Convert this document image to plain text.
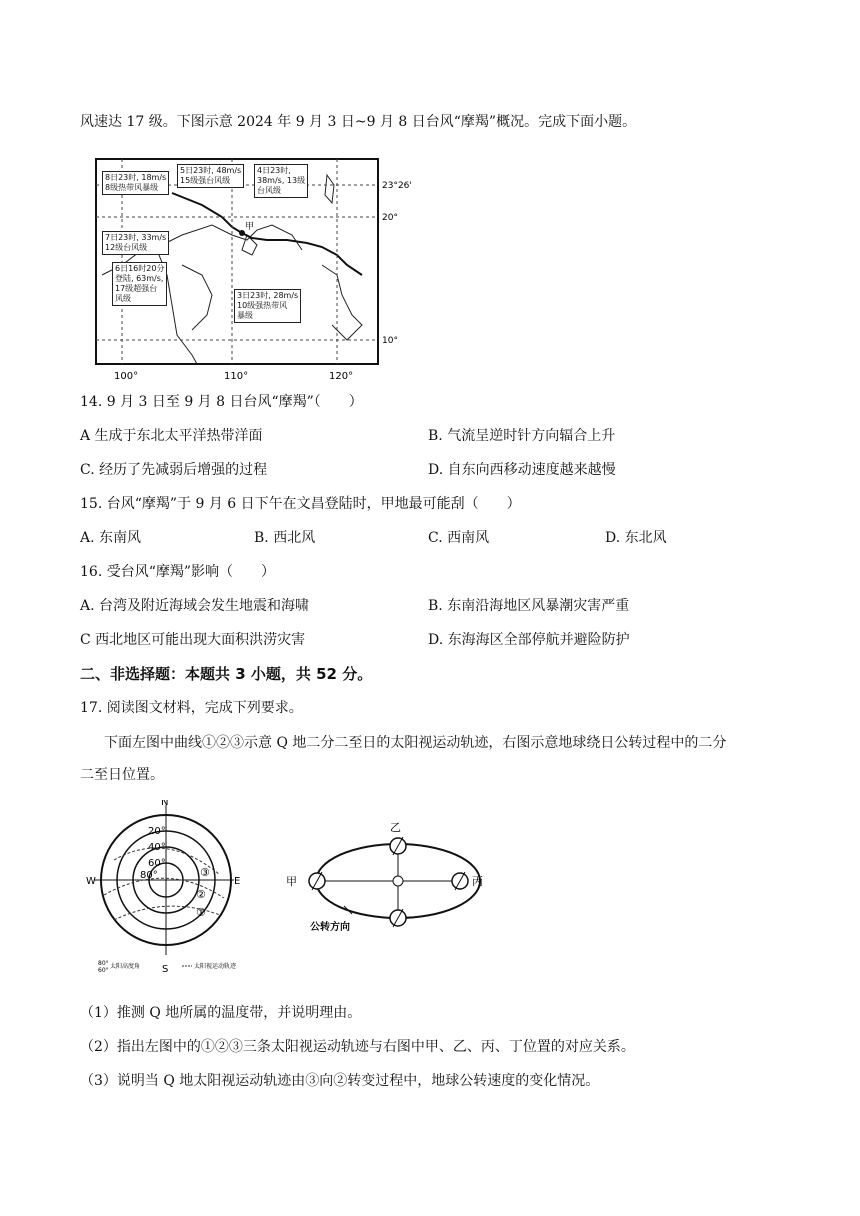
风速达 17 级。下图示意 2024 年 9 月 3 日~9 月 8 日台风“摩羯”概况。完成下面小题。
23°26'
20°
10°
100°	110°	120°
甲
8日23时, 18m/s
8级热带风暴级
5日23时, 48m/s
15级强台风级
4日23时,
38m/s, 13级
台风级
7日23时, 33m/s
12级台风级
6日16时20分
登陆, 63m/s,
17级超强台
风级	3日23时, 28m/s
10级强热带风
暴级
14. 9 月 3 日至 9 月 8 日台风“摩羯”（　　）
A 生成于东北太平洋热带洋面	B. 气流呈逆时针方向辐合上升
C. 经历了先减弱后增强的过程	D. 自东向西移动速度越来越慢
15. 台风“摩羯”于 9 月 6 日下午在文昌登陆时，甲地最可能刮（　　）
A. 东南风	B. 西北风	C. 西南风	D. 东北风
16. 受台风“摩羯”影响（　　）
A. 台湾及附近海域会发生地震和海啸	B. 东南沿海地区风暴潮灾害严重
C 西北地区可能出现大面积洪涝灾害	D. 东海海区全部停航并避险防护
二、非选择题：本题共 3 小题，共 52 分。
17. 阅读图文材料，完成下列要求。
下面左图中曲线①②③示意 Q 地二分二至日的太阳视运动轨迹，右图示意地球绕日公转过程中的二分
二至日位置。
N
S
W	E
20°
40°
60°
80°	③
②
①
80°
60°
太阳高度角	太阳视运动轨迹
甲
乙
丙
公转方向
（1）推测 Q 地所属的温度带，并说明理由。
（2）指出左图中的①②③三条太阳视运动轨迹与右图中甲、乙、丙、丁位置的对应关系。
（3）说明当 Q 地太阳视运动轨迹由③向②转变过程中，地球公转速度的变化情况。
